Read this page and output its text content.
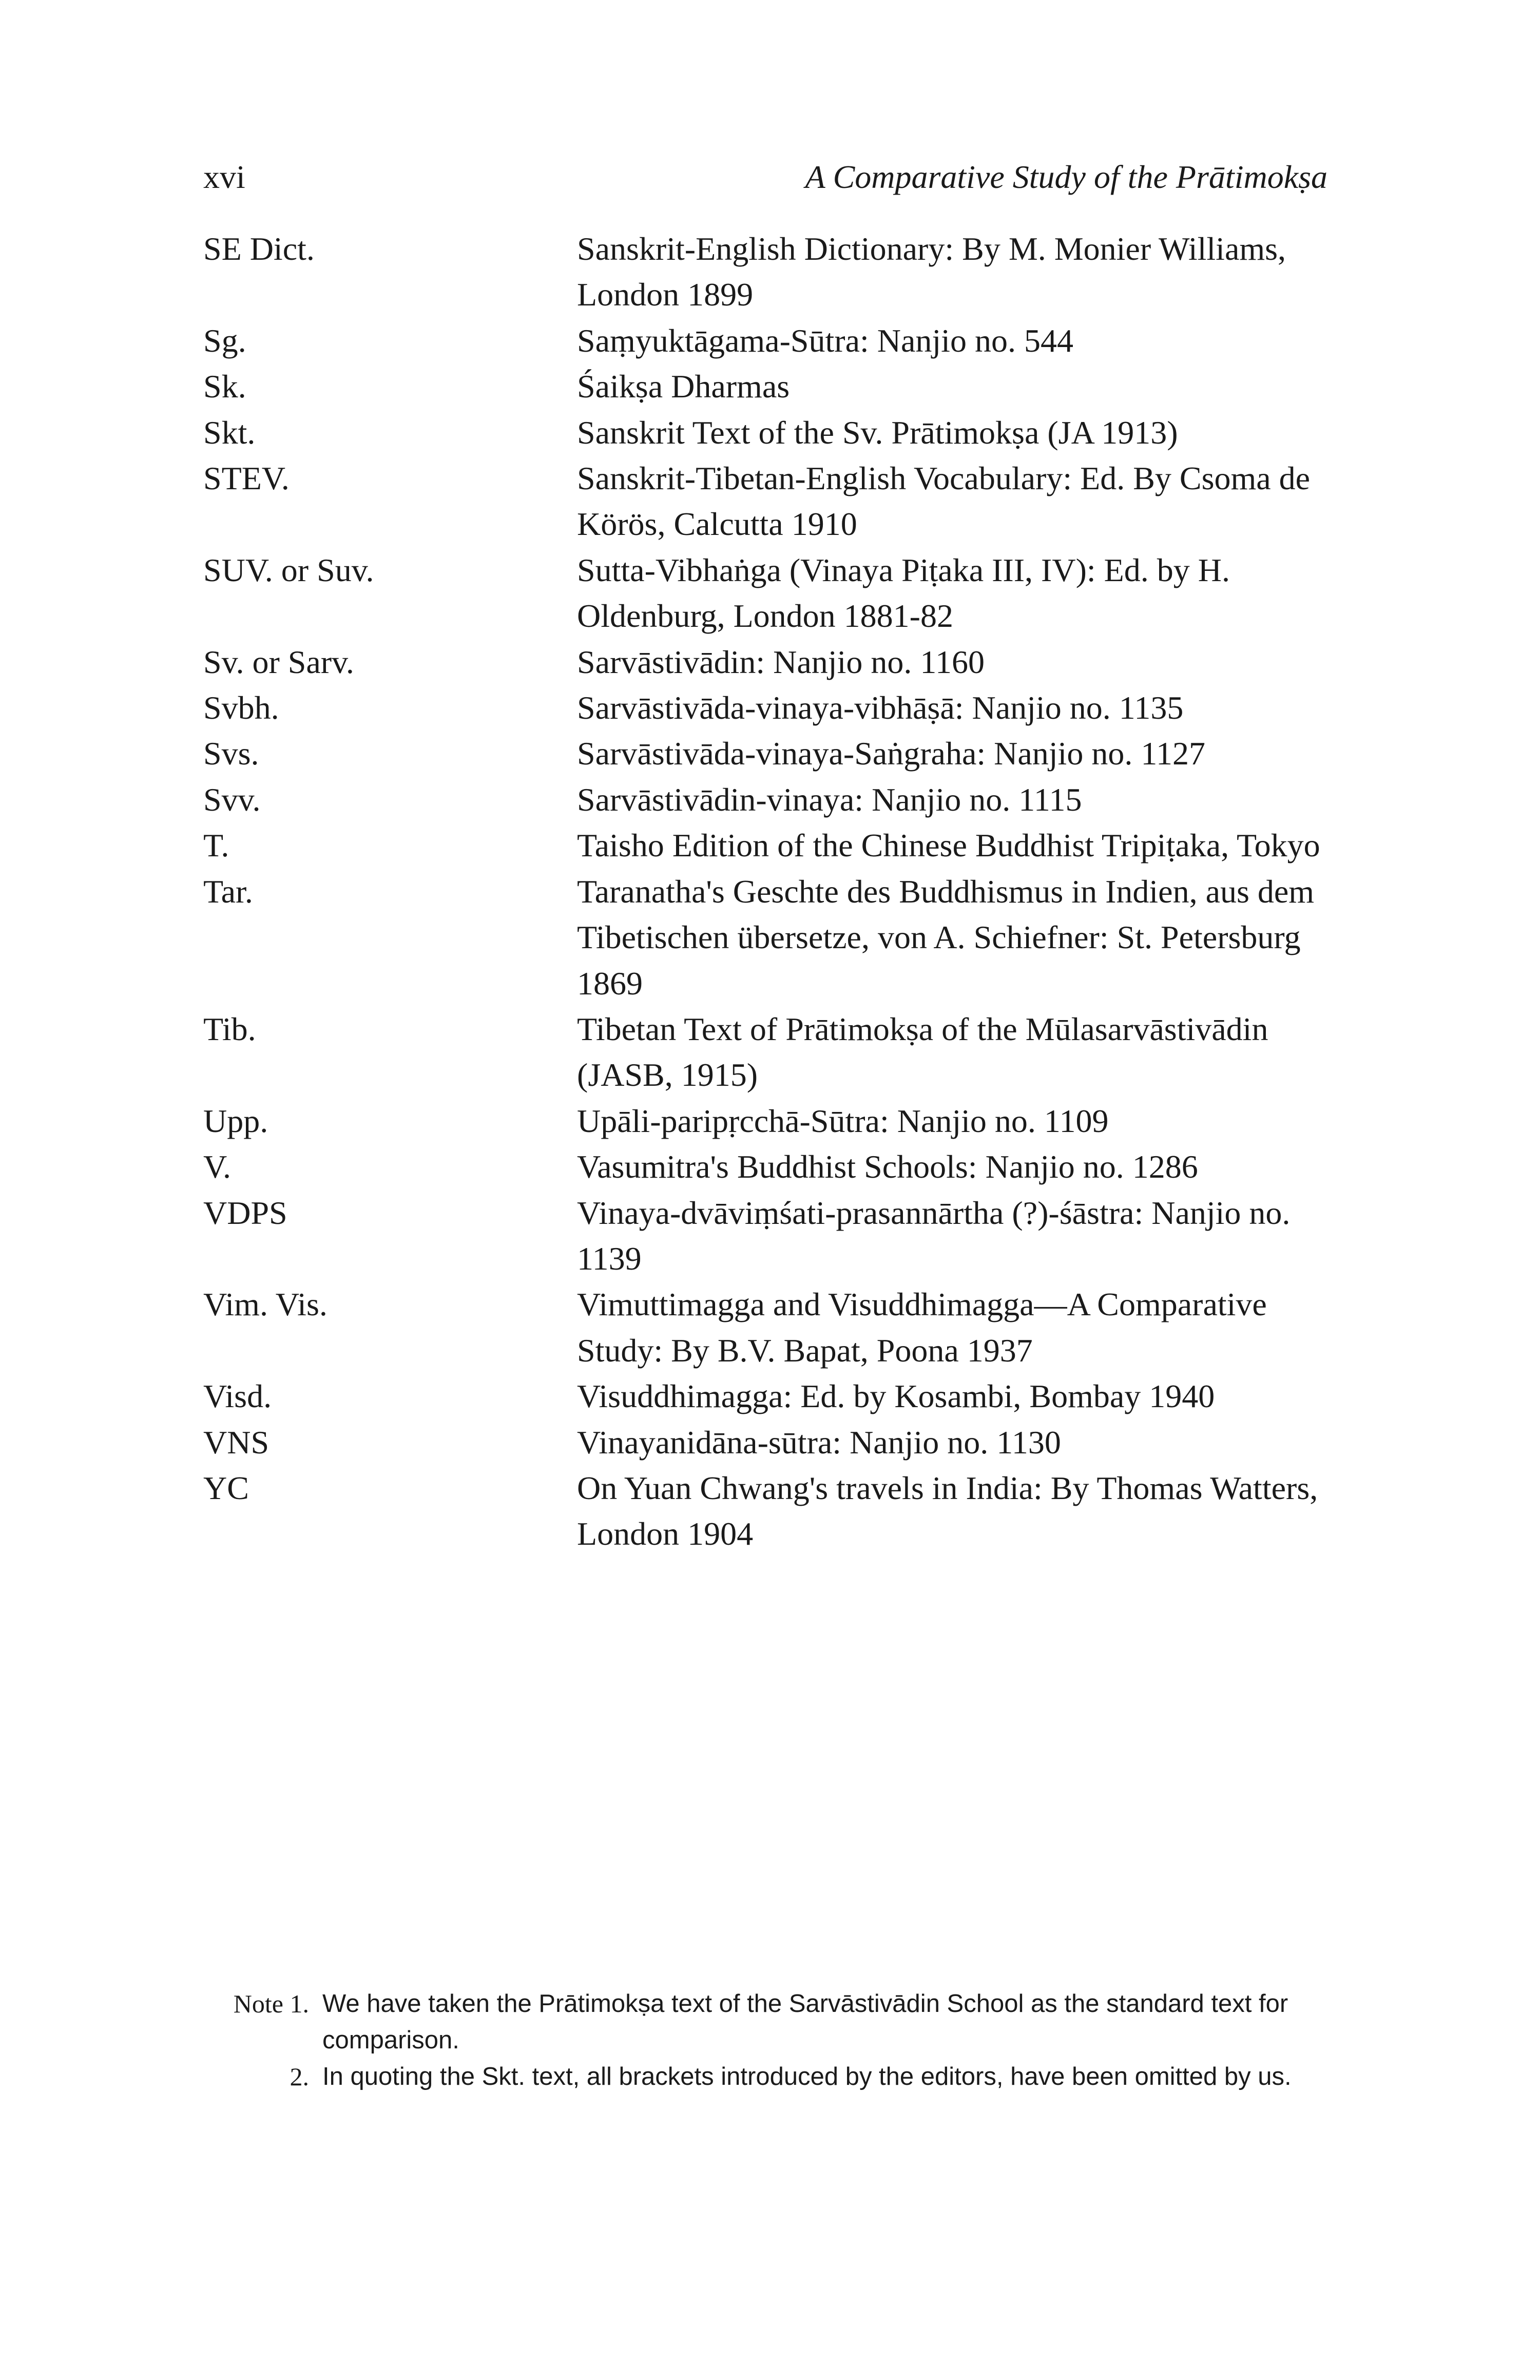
xvi	A Comparative Study of the Prātimokṣa
SE Dict.	Sanskrit-English Dictionary: By M. Monier Williams, London 1899
Sg.	Saṃyuktāgama-Sūtra: Nanjio no. 544
Sk.	Śaikṣa Dharmas
Skt.	Sanskrit Text of the Sv. Prātimokṣa (JA 1913)
STEV.	Sanskrit-Tibetan-English Vocabulary: Ed. By Csoma de Körös, Calcutta 1910
SUV. or Suv.	Sutta-Vibhaṅga (Vinaya Piṭaka III, IV): Ed. by H. Oldenburg, London 1881-82
Sv. or Sarv.	Sarvāstivādin: Nanjio no. 1160
Svbh.	Sarvāstivāda-vinaya-vibhāṣā: Nanjio no. 1135
Svs.	Sarvāstivāda-vinaya-Saṅgraha: Nanjio no. 1127
Svv.	Sarvāstivādin-vinaya: Nanjio no. 1115
T.	Taisho Edition of the Chinese Buddhist Tripiṭaka, Tokyo
Tar.	Taranatha's Geschte des Buddhismus in Indien, aus dem Tibetischen übersetze, von A. Schiefner: St. Petersburg 1869
Tib.	Tibetan Text of Prātimokṣa of the Mūlasarvāstivādin (JASB, 1915)
Upp.	Upāli-paripṛcchā-Sūtra: Nanjio no. 1109
V.	Vasumitra's Buddhist Schools: Nanjio no. 1286
VDPS	Vinaya-dvāviṃśati-prasannārtha (?)-śāstra: Nanjio no. 1139
Vim. Vis.	Vimuttimagga and Visuddhimagga—A Comparative Study: By B.V. Bapat, Poona 1937
Visd.	Visuddhimagga: Ed. by Kosambi, Bombay 1940
VNS	Vinayanidāna-sūtra: Nanjio no. 1130
YC	On Yuan Chwang's travels in India: By Thomas Watters, London 1904
Note 1. We have taken the Prātimokṣa text of the Sarvāstivādin School as the standard text for comparison.
2. In quoting the Skt. text, all brackets introduced by the editors, have been omitted by us.
